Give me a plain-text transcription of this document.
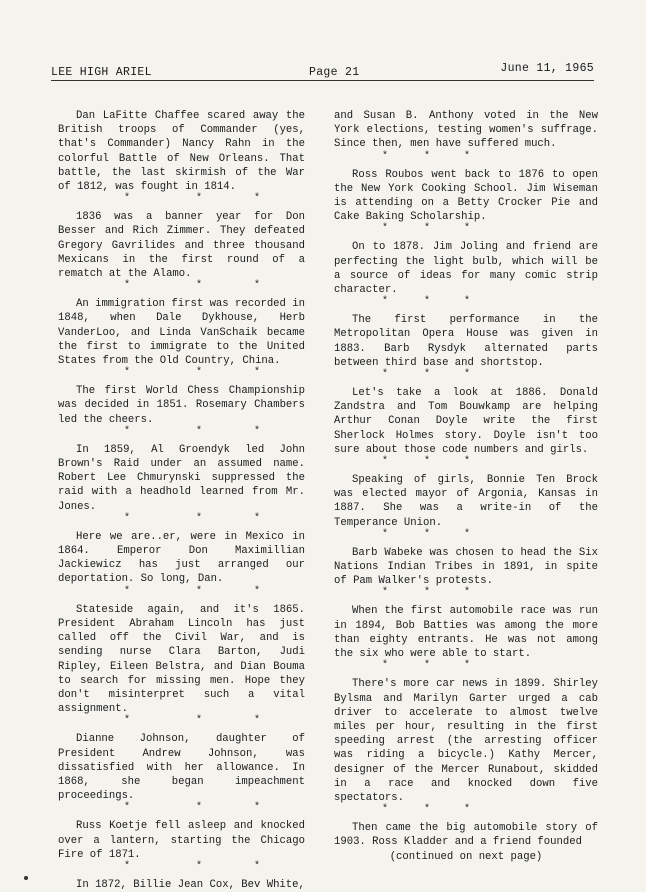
LEE HIGH ARIEL	Page 21	June 11, 1965

Dan LaFitte Chaffee scared away the British troops of Commander (yes, that's Commander) Nancy Rahn in the colorful Battle of New Orleans. That battle, the last skirmish of the War of 1812, was fought in 1814.

*	*	*

1836 was a banner year for Don Besser and Rich Zimmer. They defeated Gregory Gavrilides and three thousand Mexicans in the first round of a rematch at the Alamo.

*	*	*

An immigration first was recorded in 1848, when Dale Dykhouse, Herb VanderLoo, and Linda VanSchaik became the first to immigrate to the United States from the Old Country, China.

*	*	*

The first World Chess Championship was decided in 1851. Rosemary Chambers led the cheers.

*	*	*

In 1859, Al Groendyk led John Brown's Raid under an assumed name. Robert Lee Chmurynski suppressed the raid with a headhold learned from Mr. Jones.

*	*	*

Here we are..er, were in Mexico in 1864. Emperor Don Maximillian Jackiewicz has just arranged our deportation. So long, Dan.

*	*	*

Stateside again, and it's 1865. President Abraham Lincoln has just called off the Civil War, and is sending nurse Clara Barton, Judi Ripley, Eileen Belstra, and Dian Bouma to search for missing men. Hope they don't misinterpret such a vital assignment.

*	*	*

Dianne Johnson, daughter of President Andrew Johnson, was dissatisfied with her allowance. In 1868, she began impeachment proceedings.

*	*	*

Russ Koetje fell asleep and knocked over a lantern, starting the Chicago Fire of 1871.

*	*	*

In 1872, Billie Jean Cox, Bev White,

and Susan B. Anthony voted in the New York elections, testing women's suffrage. Since then, men have suffered much.

*	*	*

Ross Roubos went back to 1876 to open the New York Cooking School. Jim Wiseman is attending on a Betty Crocker Pie and Cake Baking Scholarship.

*	*	*

On to 1878. Jim Joling and friend are perfecting the light bulb, which will be a source of ideas for many comic strip character.

*	*	*

The first performance in the Metropolitan Opera House was given in 1883. Barb Rysdyk alternated parts between third base and shortstop.

*	*	*

Let's take a look at 1886. Donald Zandstra and Tom Bouwkamp are helping Arthur Conan Doyle write the first Sherlock Holmes story. Doyle isn't too sure about those code numbers and girls.

*	*	*

Speaking of girls, Bonnie Ten Brock was elected mayor of Argonia, Kansas in 1887. She was a write-in of the Temperance Union.

*	*	*

Barb Wabeke was chosen to head the Six Nations Indian Tribes in 1891, in spite of Pam Walker's protests.

*	*	*

When the first automobile race was run in 1894, Bob Batties was among the more than eighty entrants. He was not among the six who were able to start.

*	*	*

There's more car news in 1899. Shirley Bylsma and Marilyn Garter urged a cab driver to accelerate to almost twelve miles per hour, resulting in the first speeding arrest (the arresting officer was riding a bicycle.) Kathy Mercer, designer of the Mercer Runabout, skidded in a race and knocked down five spectators.

*	*	*

Then came the big automobile story of 1903. Ross Kladder and a friend founded

(continued on next page)
